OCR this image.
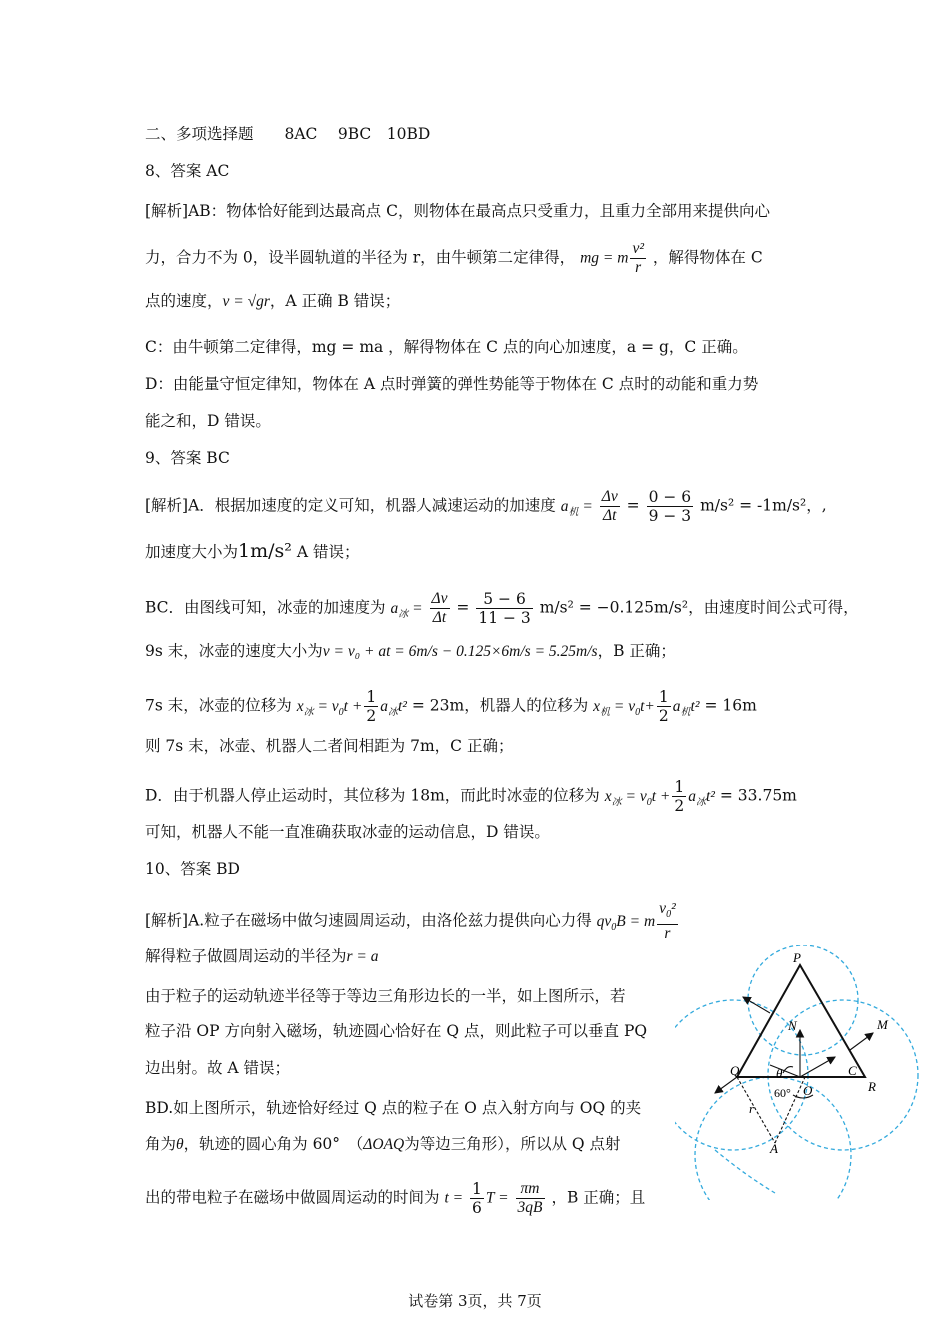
二、多项选择题　　8AC　 9BC　10BD
8、答案 AC
[解析]AB：物体恰好能到达最高点 C，则物体在最高点只受重力，且重力全部用来提供向心
力，合力不为 0，设半圆轨道的半径为 r，由牛顿第二定律得， mg = m $\frac{\text{v²}}{r}$ ，解得物体在 C
点的速度，v = √gr，A 正确 B 错误；
C：由牛顿第二定律得，mg = ma ，解得物体在 C 点的向心加速度，a = g，C 正确。
D：由能量守恒定律知，物体在 A 点时弹簧的弹性势能等于物体在 C 点时的动能和重力势
能之和，D 错误。
9、答案 BC
[解析]A．根据加速度的定义可知，机器人减速运动的加速度 $a_机 = \frac{\Delta v}{\Delta t} = \frac{0 - 6}{9 - 3} m/s^2 = -1m/s^2$，,
加速度大小为1m/s² A 错误；
BC．由图线可知，冰壶的加速度为 $a_冰 = \frac{\Delta v}{\Delta t} = \frac{5 - 6}{11 - 3} m/s^2 = -0.125m/s^2$，由速度时间公式可得，
9s 末，冰壶的速度大小为v = v₀ + at = 6m/s − 0.125×6m/s = 5.25m/s，B 正确；
7s 末，冰壶的位移为 $x_冰 = v_0t + \frac{1}{2} a_冰t^2 = 23m$，机器人的位移为 $x_机 = v_0t+ \frac{1}{2} a_机t^2 = 16m$
则 7s 末，冰壶、机器人二者间相距为 7m，C 正确；
D．由于机器人停止运动时，其位移为 18m，而此时冰壶的位移为 $x_冰 = v_0t + \frac{1}{2} a_冰t^2 = 33.75m$
可知，机器人不能一直准确获取冰壶的运动信息，D 错误。
10、答案 BD
[解析]A.粒子在磁场中做匀速圆周运动，由洛伦兹力提供向心力得 $qv_0B = m \frac{v_0^2}{r}$
解得粒子做圆周运动的半径为r = a
由于粒子的运动轨迹半径等于等边三角形边长的一半，如上图所示，若
粒子沿 OP 方向射入磁场，轨迹圆心恰好在 Q 点，则此粒子可以垂直 PQ
边出射。故 A 错误；
BD.如上图所示，轨迹恰好经过 Q 点的粒子在 O 点入射方向与 OQ 的夹
角为θ，轨迹的圆心角为 60°　（ΔOAQ为等边三角形），所以从 Q 点射
出的带电粒子在磁场中做圆周运动的时间为 $t = \frac{1}{6}$ $T = \frac{\pi m}{3qB}$ ，B 正确；且
P
N	M
Q	θ	C
R
O
60°
r
A
试卷第 3页，共 7页
